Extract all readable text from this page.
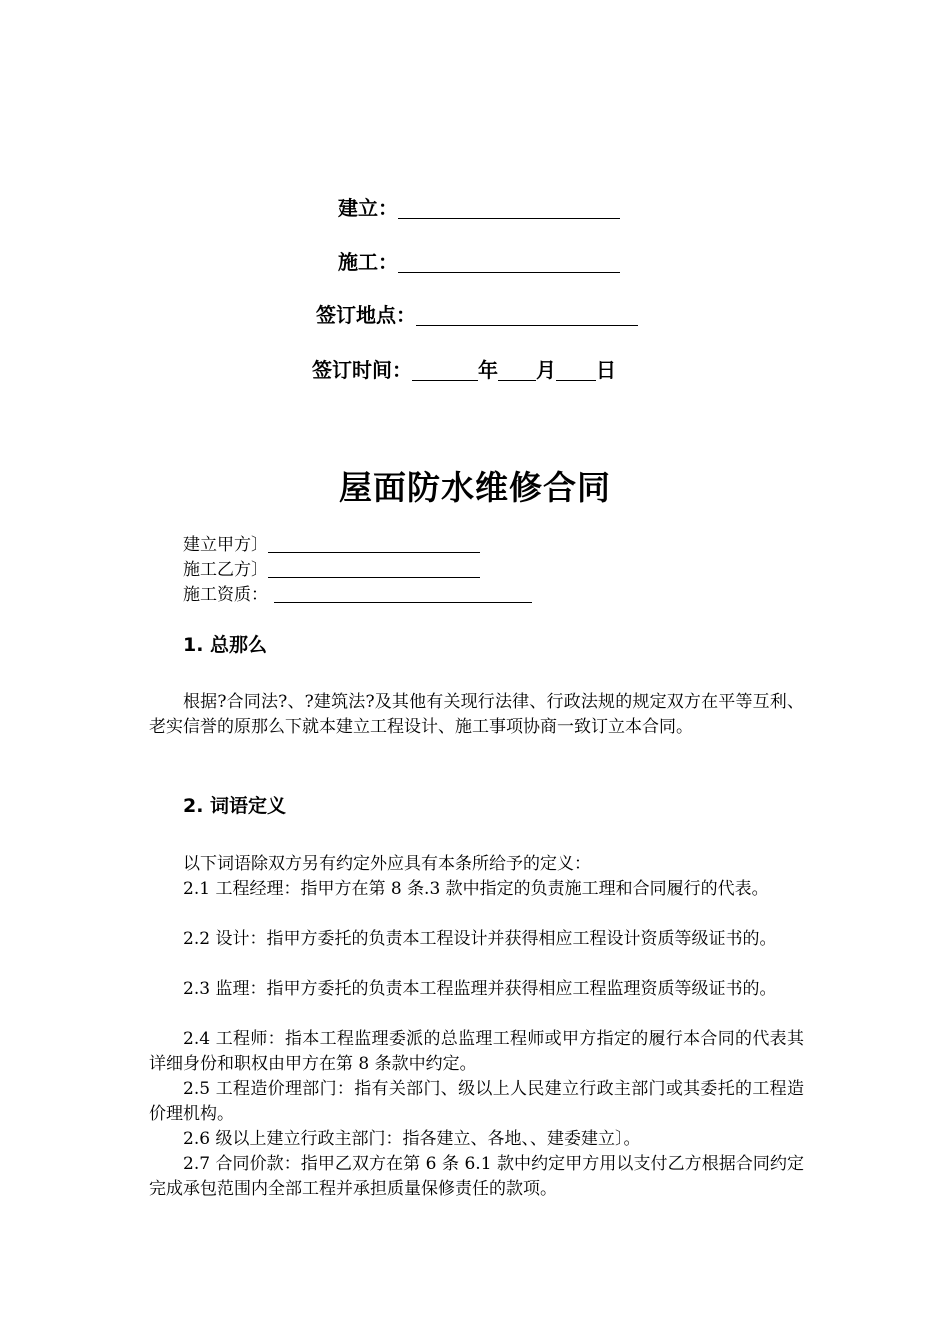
建立：
施工：
签订地点：
签订时间：	年 月 日
屋面防水维修合同
建立甲方〕
施工乙方〕
施工资质：
1. 总那么

根据?合同法?、?建筑法?及其他有关现行法律、行政法规的规定双方在平等互利、老实信誉的原那么下就本建立工程设计、施工事项协商一致订立本合同。

2. 词语定义

以下词语除双方另有约定外应具有本条所给予的定义：

2.1 工程经理：指甲方在第 8 条.3 款中指定的负责施工理和合同履行的代表。

2.2 设计：指甲方委托的负责本工程设计并获得相应工程设计资质等级证书的。

2.3 监理：指甲方委托的负责本工程监理并获得相应工程监理资质等级证书的。

2.4 工程师：指本工程监理委派的总监理工程师或甲方指定的履行本合同的代表其详细身份和职权由甲方在第 8 条款中约定。

2.5 工程造价理部门：指有关部门、级以上人民建立行政主部门或其委托的工程造价理机构。

2.6 级以上建立行政主部门：指各建立、各地、、建委建立〕。

2.7 合同价款：指甲乙双方在第 6 条 6.1 款中约定甲方用以支付乙方根据合同约定完成承包范围内全部工程并承担质量保修责任的款项。
